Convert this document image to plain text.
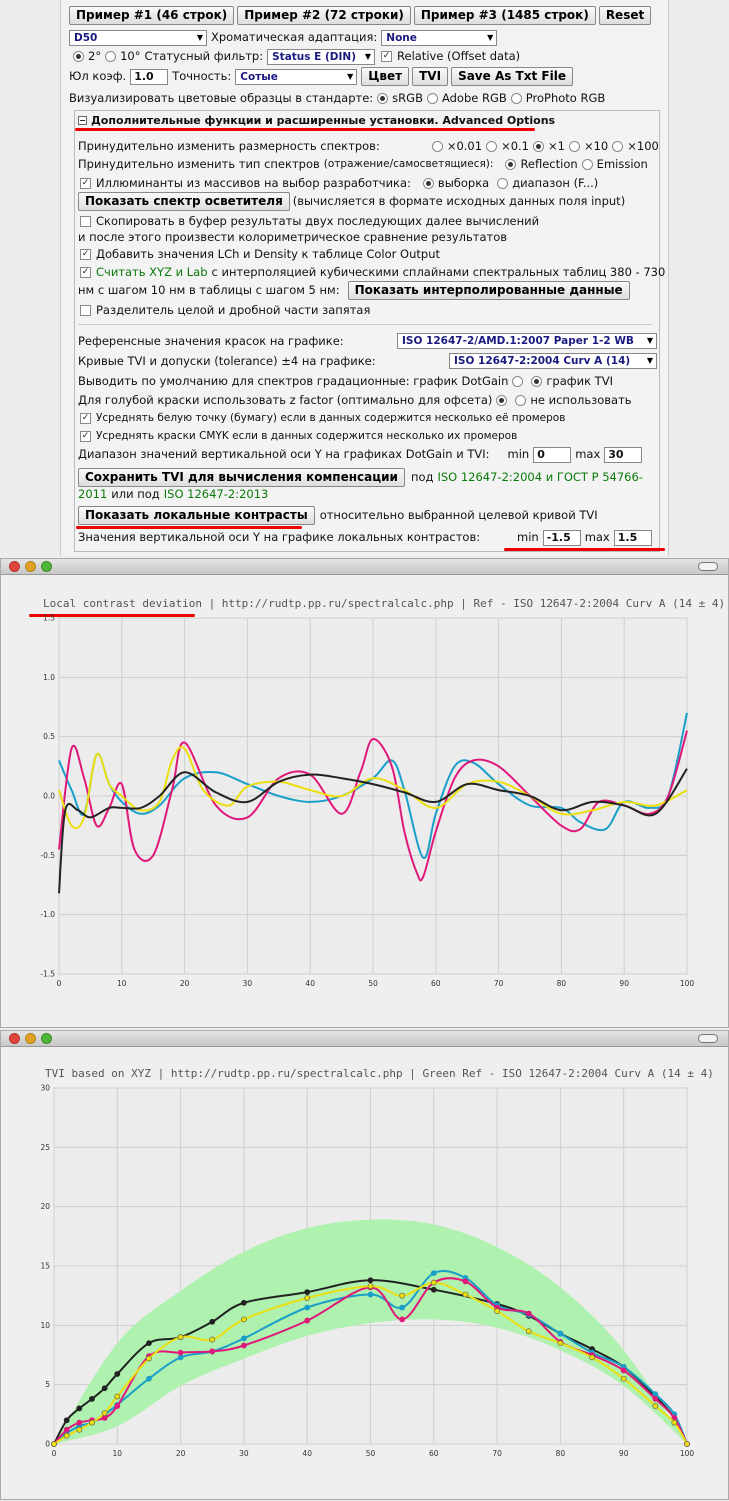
Пример #1 (46 строк)	Пример #2 (72 строки)	Пример #3 (1485 строк)	Reset
D50 ▼	Хроматическая адаптация: None ▼
2° 10° Статусный фильтр: Status E (DIN) ▼	✓ Relative (Offset data)
Юл коэф. 1.0	Точность: Сотые ▼	Цвет	TVI	Save As Txt File
Визуализировать цветовые образцы в стандарте: sRGB Adobe RGB ProPhoto RGB
− Дополнительные функции и расширенные установки. Advanced Options
Принудительно изменить размерность спектров:	×0.01 ×0.1 ×1 ×10 ×100
Принудительно изменить тип спектров (отражение/самосветящиеся): Reflection Emission
✓ Иллюминанты из массивов на выбор разработчика: выборка диапазон (F...)
Показать спектр осветителя (вычисляется в формате исходных данных поля input)
Скопировать в буфер результаты двух последующих далее вычислений
и после этого произвести колориметрическое сравнение результатов
✓ Добавить значения LCh и Density к таблице Color Output
✓ Считать XYZ и Lab с интерполяцией кубическими сплайнами спектральных таблиц 380 - 730
нм с шагом 10 нм в таблицы с шагом 5 нм:	Показать интерполированные данные
Разделитель целой и дробной части запятая
Референсные значения красок на графике:	ISO 12647-2/AMD.1:2007 Paper 1-2 WB ▼
Кривые TVI и допуски (tolerance) ±4 на графике:	ISO 12647-2:2004 Curv A (14) ▼
Выводить по умолчанию для спектров градационные: график DotGain	график TVI
Для голубой краски использовать z factor (оптимально для офсета)	не использовать
✓ Усреднять белую точку (бумагу) если в данных содержится несколько её промеров
✓ Усреднять краски CMYK если в данных содержится несколько их промеров
Диапазон значений вертикальной оси Y на графиках DotGain и TVI: min 0	max 30
Сохранить TVI для вычисления компенсации	под ISO 12647-2:2004 и ГОСТ Р 54766-
2011 или под ISO 12647-2:2013
Показать локальные контрасты	относительно выбранной целевой кривой TVI
Значения вертикальной оси Y на графике локальных контрастов:	min -1.5	max 1.5
Local contrast deviation | http://rudtp.pp.ru/spectralcalc.php | Ref - ISO 12647-2:2004 Curv A (14 ± 4)
1.5
1.0
0.5
0.0
-0.5
-1.0
-1.5
0	10	20	30	40	50	60	70	80	90	100
TVI based on XYZ | http://rudtp.pp.ru/spectralcalc.php | Green Ref - ISO 12647-2:2004 Curv A (14 ± 4)
30
25
20
15
10
5
0
0	10	20	30	40	50	60	70	80	90	100
